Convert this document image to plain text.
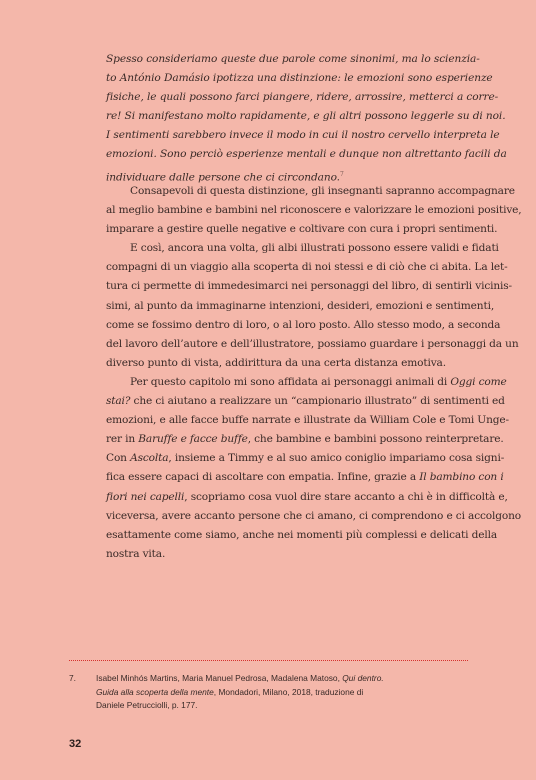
Spesso consideriamo queste due parole come sinonimi, ma lo scienzia-
to António Damásio ipotizza una distinzione: le emozioni sono esperienze
fisiche, le quali possono farci piangere, ridere, arrossire, metterci a corre-
re! Si manifestano molto rapidamente, e gli altri possono leggerle su di noi.
I sentimenti sarebbero invece il modo in cui il nostro cervello interpreta le
emozioni. Sono perciò esperienze mentali e dunque non altrettanto facili da
individuare dalle persone che ci circondano.$^7$
Consapevoli di questa distinzione, gli insegnanti sapranno accompagnare
al meglio bambine e bambini nel riconoscere e valorizzare le emozioni positive,
imparare a gestire quelle negative e coltivare con cura i propri sentimenti.
E così, ancora una volta, gli albi illustrati possono essere validi e fidati
compagni di un viaggio alla scoperta di noi stessi e di ciò che ci abita. La let-
tura ci permette di immedesimarci nei personaggi del libro, di sentirli vicinis-
simi, al punto da immaginarne intenzioni, desideri, emozioni e sentimenti,
come se fossimo dentro di loro, o al loro posto. Allo stesso modo, a seconda
del lavoro dell’autore e dell’illustratore, possiamo guardare i personaggi da un
diverso punto di vista, addirittura da una certa distanza emotiva.
Per questo capitolo mi sono affidata ai personaggi animali di Oggi come
stai? che ci aiutano a realizzare un “campionario illustrato” di sentimenti ed
emozioni, e alle facce buffe narrate e illustrate da William Cole e Tomi Unge-
rer in Baruffe e facce buffe, che bambine e bambini possono reinterpretare.
Con Ascolta, insieme a Timmy e al suo amico coniglio impariamo cosa signi-
fica essere capaci di ascoltare con empatia. Infine, grazie a Il bambino con i
fiori nei capelli, scopriamo cosa vuol dire stare accanto a chi è in difficoltà e,
viceversa, avere accanto persone che ci amano, ci comprendono e ci accolgono
esattamente come siamo, anche nei momenti più complessi e delicati della
nostra vita.
7. Isabel Minhós Martins, Maria Manuel Pedrosa, Madalena Matoso, Qui dentro.
Guida alla scoperta della mente, Mondadori, Milano, 2018, traduzione di
Daniele Petrucciolli, p. 177.
32
